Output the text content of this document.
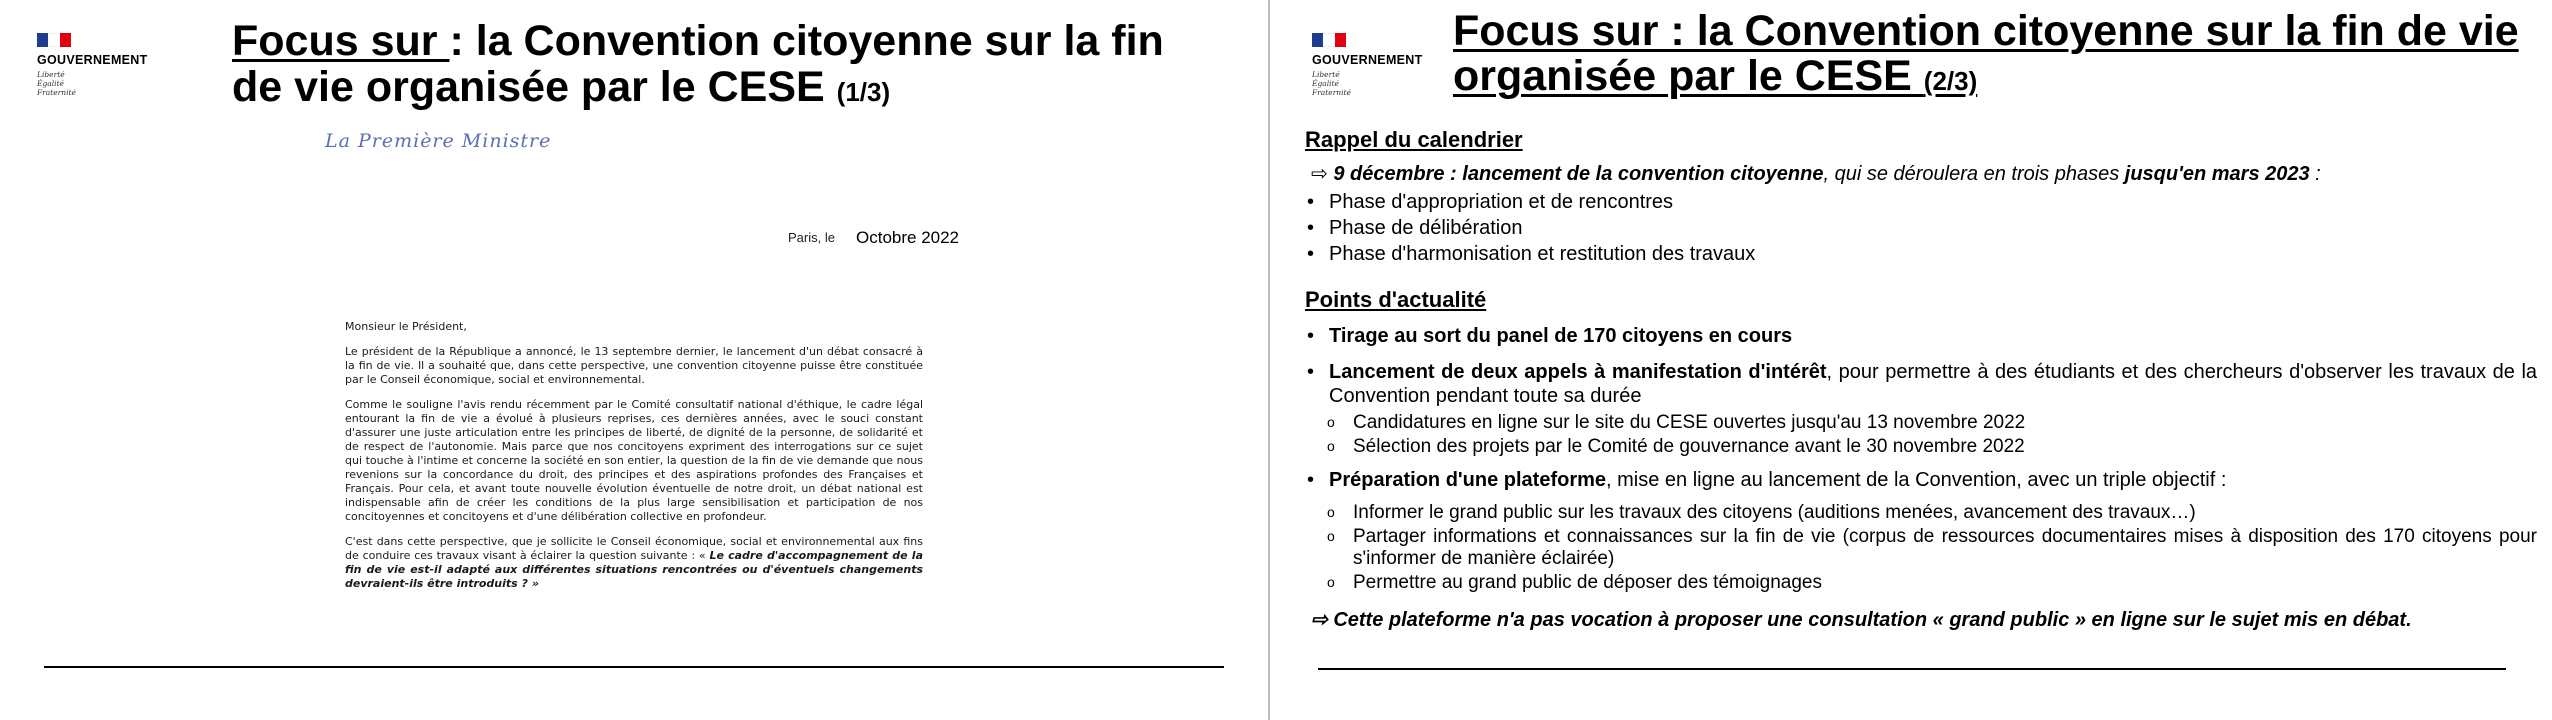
GOUVERNEMENT
Liberté
Égalité
Fraternité
Focus sur : la Convention citoyenne sur la fin
de vie organisée par le CESE (1/3)
La Première Ministre
Paris, le Octobre 2022

Monsieur le Président,

Le président de la République a annoncé, le 13 septembre dernier, le lancement d'un débat consacré à la fin de vie. Il a souhaité que, dans cette perspective, une convention citoyenne puisse être constituée par le Conseil économique, social et environnemental.

Comme le souligne l'avis rendu récemment par le Comité consultatif national d'éthique, le cadre légal entourant la fin de vie a évolué à plusieurs reprises, ces dernières années, avec le souci constant d'assurer une juste articulation entre les principes de liberté, de dignité de la personne, de solidarité et de respect de l'autonomie. Mais parce que nos concitoyens expriment des interrogations sur ce sujet qui touche à l'intime et concerne la société en son entier, la question de la fin de vie demande que nous revenions sur la concordance du droit, des principes et des aspirations profondes des Françaises et Français. Pour cela, et avant toute nouvelle évolution éventuelle de notre droit, un débat national est indispensable afin de créer les conditions de la plus large sensibilisation et participation de nos concitoyennes et concitoyens et d'une délibération collective en profondeur.

C'est dans cette perspective, que je sollicite le Conseil économique, social et environnemental aux fins de conduire ces travaux visant à éclairer la question suivante : « Le cadre d'accompagnement de la fin de vie est-il adapté aux différentes situations rencontrées ou d'éventuels changements devraient-ils être introduits ? »

GOUVERNEMENT
Liberté
Égalité
Fraternité
Focus sur : la Convention citoyenne sur la fin de vie
organisée par le CESE (2/3)
Rappel du calendrier
⇨ 9 décembre : lancement de la convention citoyenne, qui se déroulera en trois phases jusqu'en mars 2023 :
• Phase d'appropriation et de rencontres
• Phase de délibération
• Phase d'harmonisation et restitution des travaux
Points d'actualité
• Tirage au sort du panel de 170 citoyens en cours
• Lancement de deux appels à manifestation d'intérêt, pour permettre à des étudiants et des chercheurs d'observer les travaux de la Convention pendant toute sa durée
o Candidatures en ligne sur le site du CESE ouvertes jusqu'au 13 novembre 2022
o Sélection des projets par le Comité de gouvernance avant le 30 novembre 2022
• Préparation d'une plateforme, mise en ligne au lancement de la Convention, avec un triple objectif :
o Informer le grand public sur les travaux des citoyens (auditions menées, avancement des travaux…)
o Partager informations et connaissances sur la fin de vie (corpus de ressources documentaires mises à disposition des 170 citoyens pour s'informer de manière éclairée)
o Permettre au grand public de déposer des témoignages
⇨ Cette plateforme n'a pas vocation à proposer une consultation « grand public » en ligne sur le sujet mis en débat.
